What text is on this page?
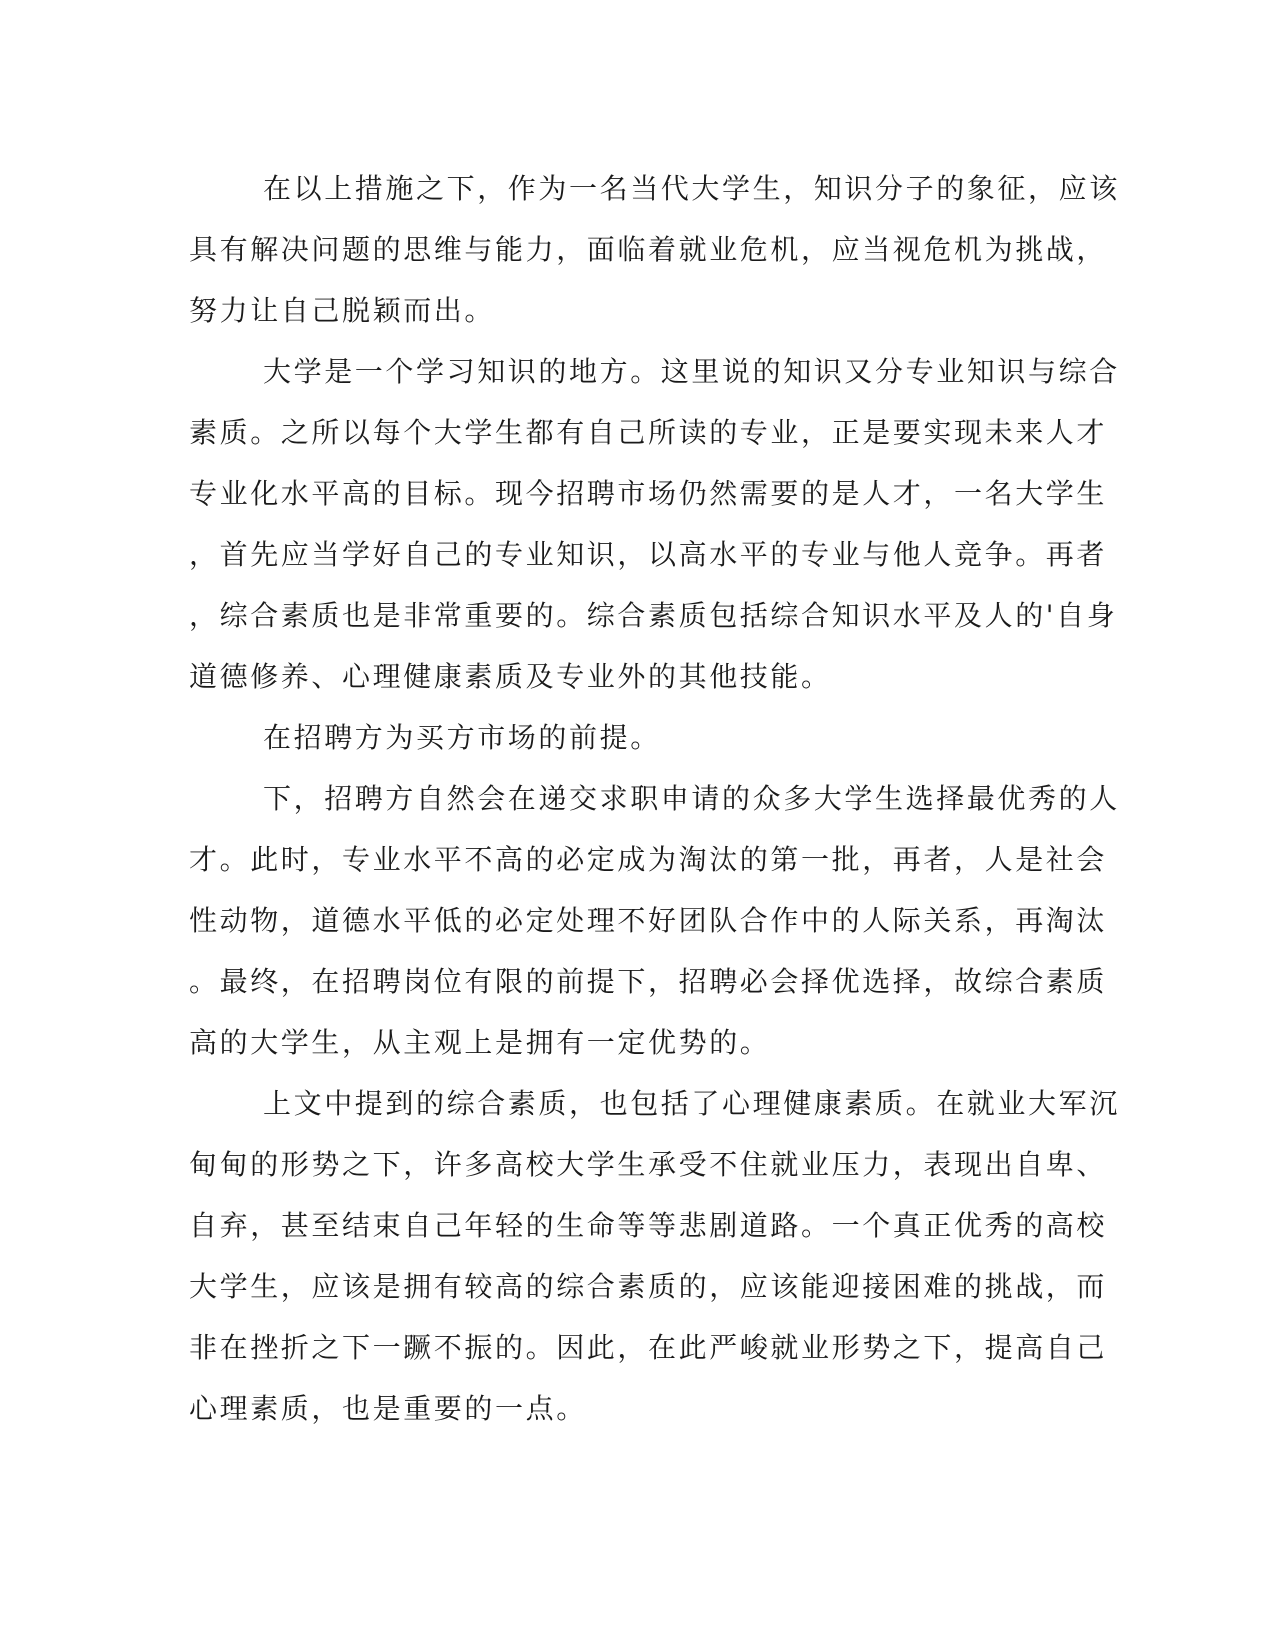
在以上措施之下，作为一名当代大学生，知识分子的象征，应该
具有解决问题的思维与能力，面临着就业危机，应当视危机为挑战，
努力让自己脱颖而出。
大学是一个学习知识的地方。这里说的知识又分专业知识与综合
素质。之所以每个大学生都有自己所读的专业，正是要实现未来人才
专业化水平高的目标。现今招聘市场仍然需要的是人才，一名大学生
，首先应当学好自己的专业知识，以高水平的专业与他人竞争。再者
，综合素质也是非常重要的。综合素质包括综合知识水平及人的'自身
道德修养、心理健康素质及专业外的其他技能。
在招聘方为买方市场的前提。
下，招聘方自然会在递交求职申请的众多大学生选择最优秀的人
才。此时，专业水平不高的必定成为淘汰的第一批，再者，人是社会
性动物，道德水平低的必定处理不好团队合作中的人际关系，再淘汰
。最终，在招聘岗位有限的前提下，招聘必会择优选择，故综合素质
高的大学生，从主观上是拥有一定优势的。
上文中提到的综合素质，也包括了心理健康素质。在就业大军沉
甸甸的形势之下，许多高校大学生承受不住就业压力，表现出自卑、
自弃，甚至结束自己年轻的生命等等悲剧道路。一个真正优秀的高校
大学生，应该是拥有较高的综合素质的，应该能迎接困难的挑战，而
非在挫折之下一蹶不振的。因此，在此严峻就业形势之下，提高自己
心理素质，也是重要的一点。
